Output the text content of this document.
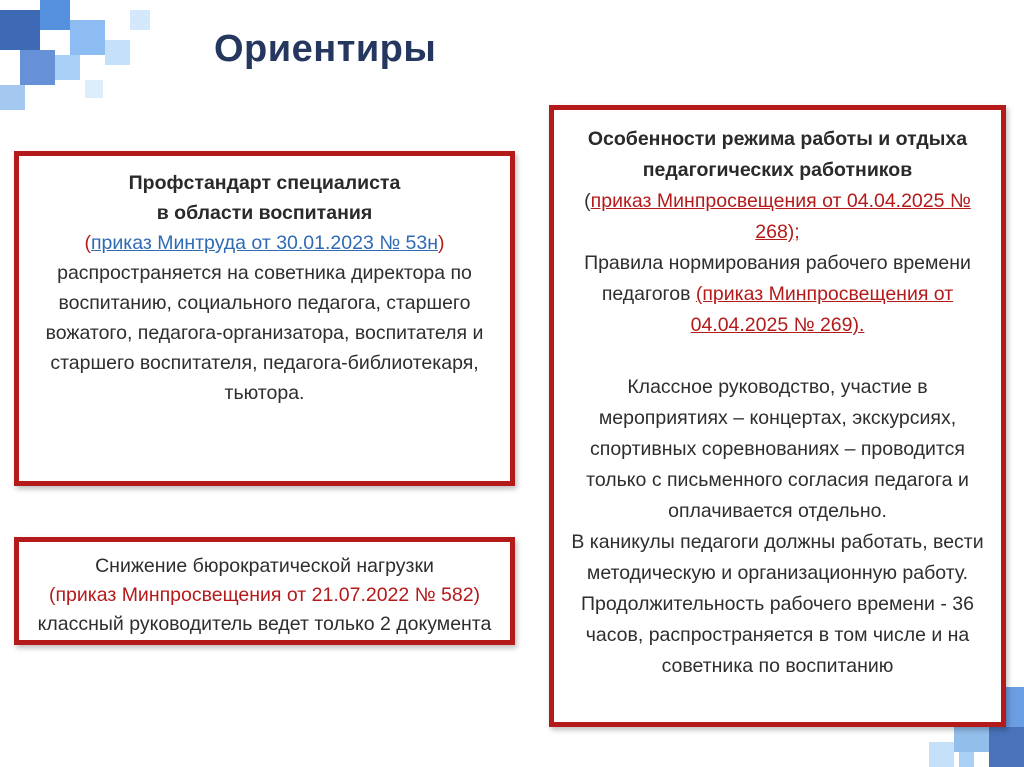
Ориентиры
Профстандарт специалиста
в области воспитания
(приказ Минтруда от 30.01.2023 № 53н)
распространяется на советника директора по воспитанию, социального педагога, старшего вожатого, педагога-организатора, воспитателя и старшего воспитателя, педагога-библиотекаря, тьютора.
Снижение бюрократической нагрузки
(приказ Минпросвещения от 21.07.2022 № 582)
классный руководитель ведет только 2 документа
Особенности режима работы и отдыха
педагогических работников
(приказ Минпросвещения от 04.04.2025 № 268);
Правила нормирования рабочего времени педагогов (приказ Минпросвещения от 04.04.2025 № 269).
Классное руководство, участие в мероприятиях – концертах, экскурсиях, спортивных соревнованиях – проводится только с письменного согласия педагога и оплачивается отдельно.
В каникулы педагоги должны работать, вести методическую и организационную работу.
Продолжительность рабочего времени - 36 часов, распространяется в том числе и на советника по воспитанию
